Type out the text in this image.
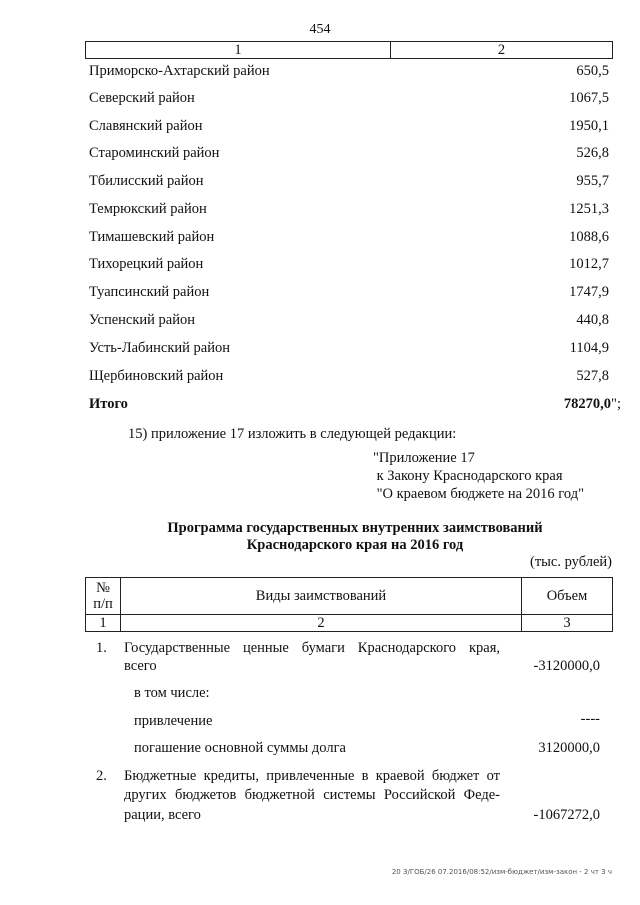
454
1	2
Приморско-Ахтарский район	650,5
Северский район	1067,5
Славянский район	1950,1
Староминский район	526,8
Тбилисский район	955,7
Темрюкский район	1251,3
Тимашевский район	1088,6
Тихорецкий район	1012,7
Туапсинский район	1747,9
Успенский район	440,8
Усть-Лабинский район	1104,9
Щербиновский район	527,8
Итого	78270,0";
15) приложение 17 изложить в следующей редакции:
"Приложение 17
к Закону Краснодарского края
"О краевом бюджете на 2016 год"
Программа государственных внутренних заимствований
Краснодарского края на 2016 год
(тыс. рублей)
№
п/п	Виды заимствований	Объем
1	2	3
1. Государственные ценные бумаги Краснодарского края,
всего	-3120000,0
в том числе:
привлечение	----
погашение основной суммы долга	3120000,0
2. Бюджетные кредиты, привлеченные в краевой бюджет от
других бюджетов бюджетной системы Российской Феде-
рации, всего	-1067272,0
20 З/ГОБ/26 07.2016/08:52/изм-бюджет/изм-закон - 2 чт 3 ч
